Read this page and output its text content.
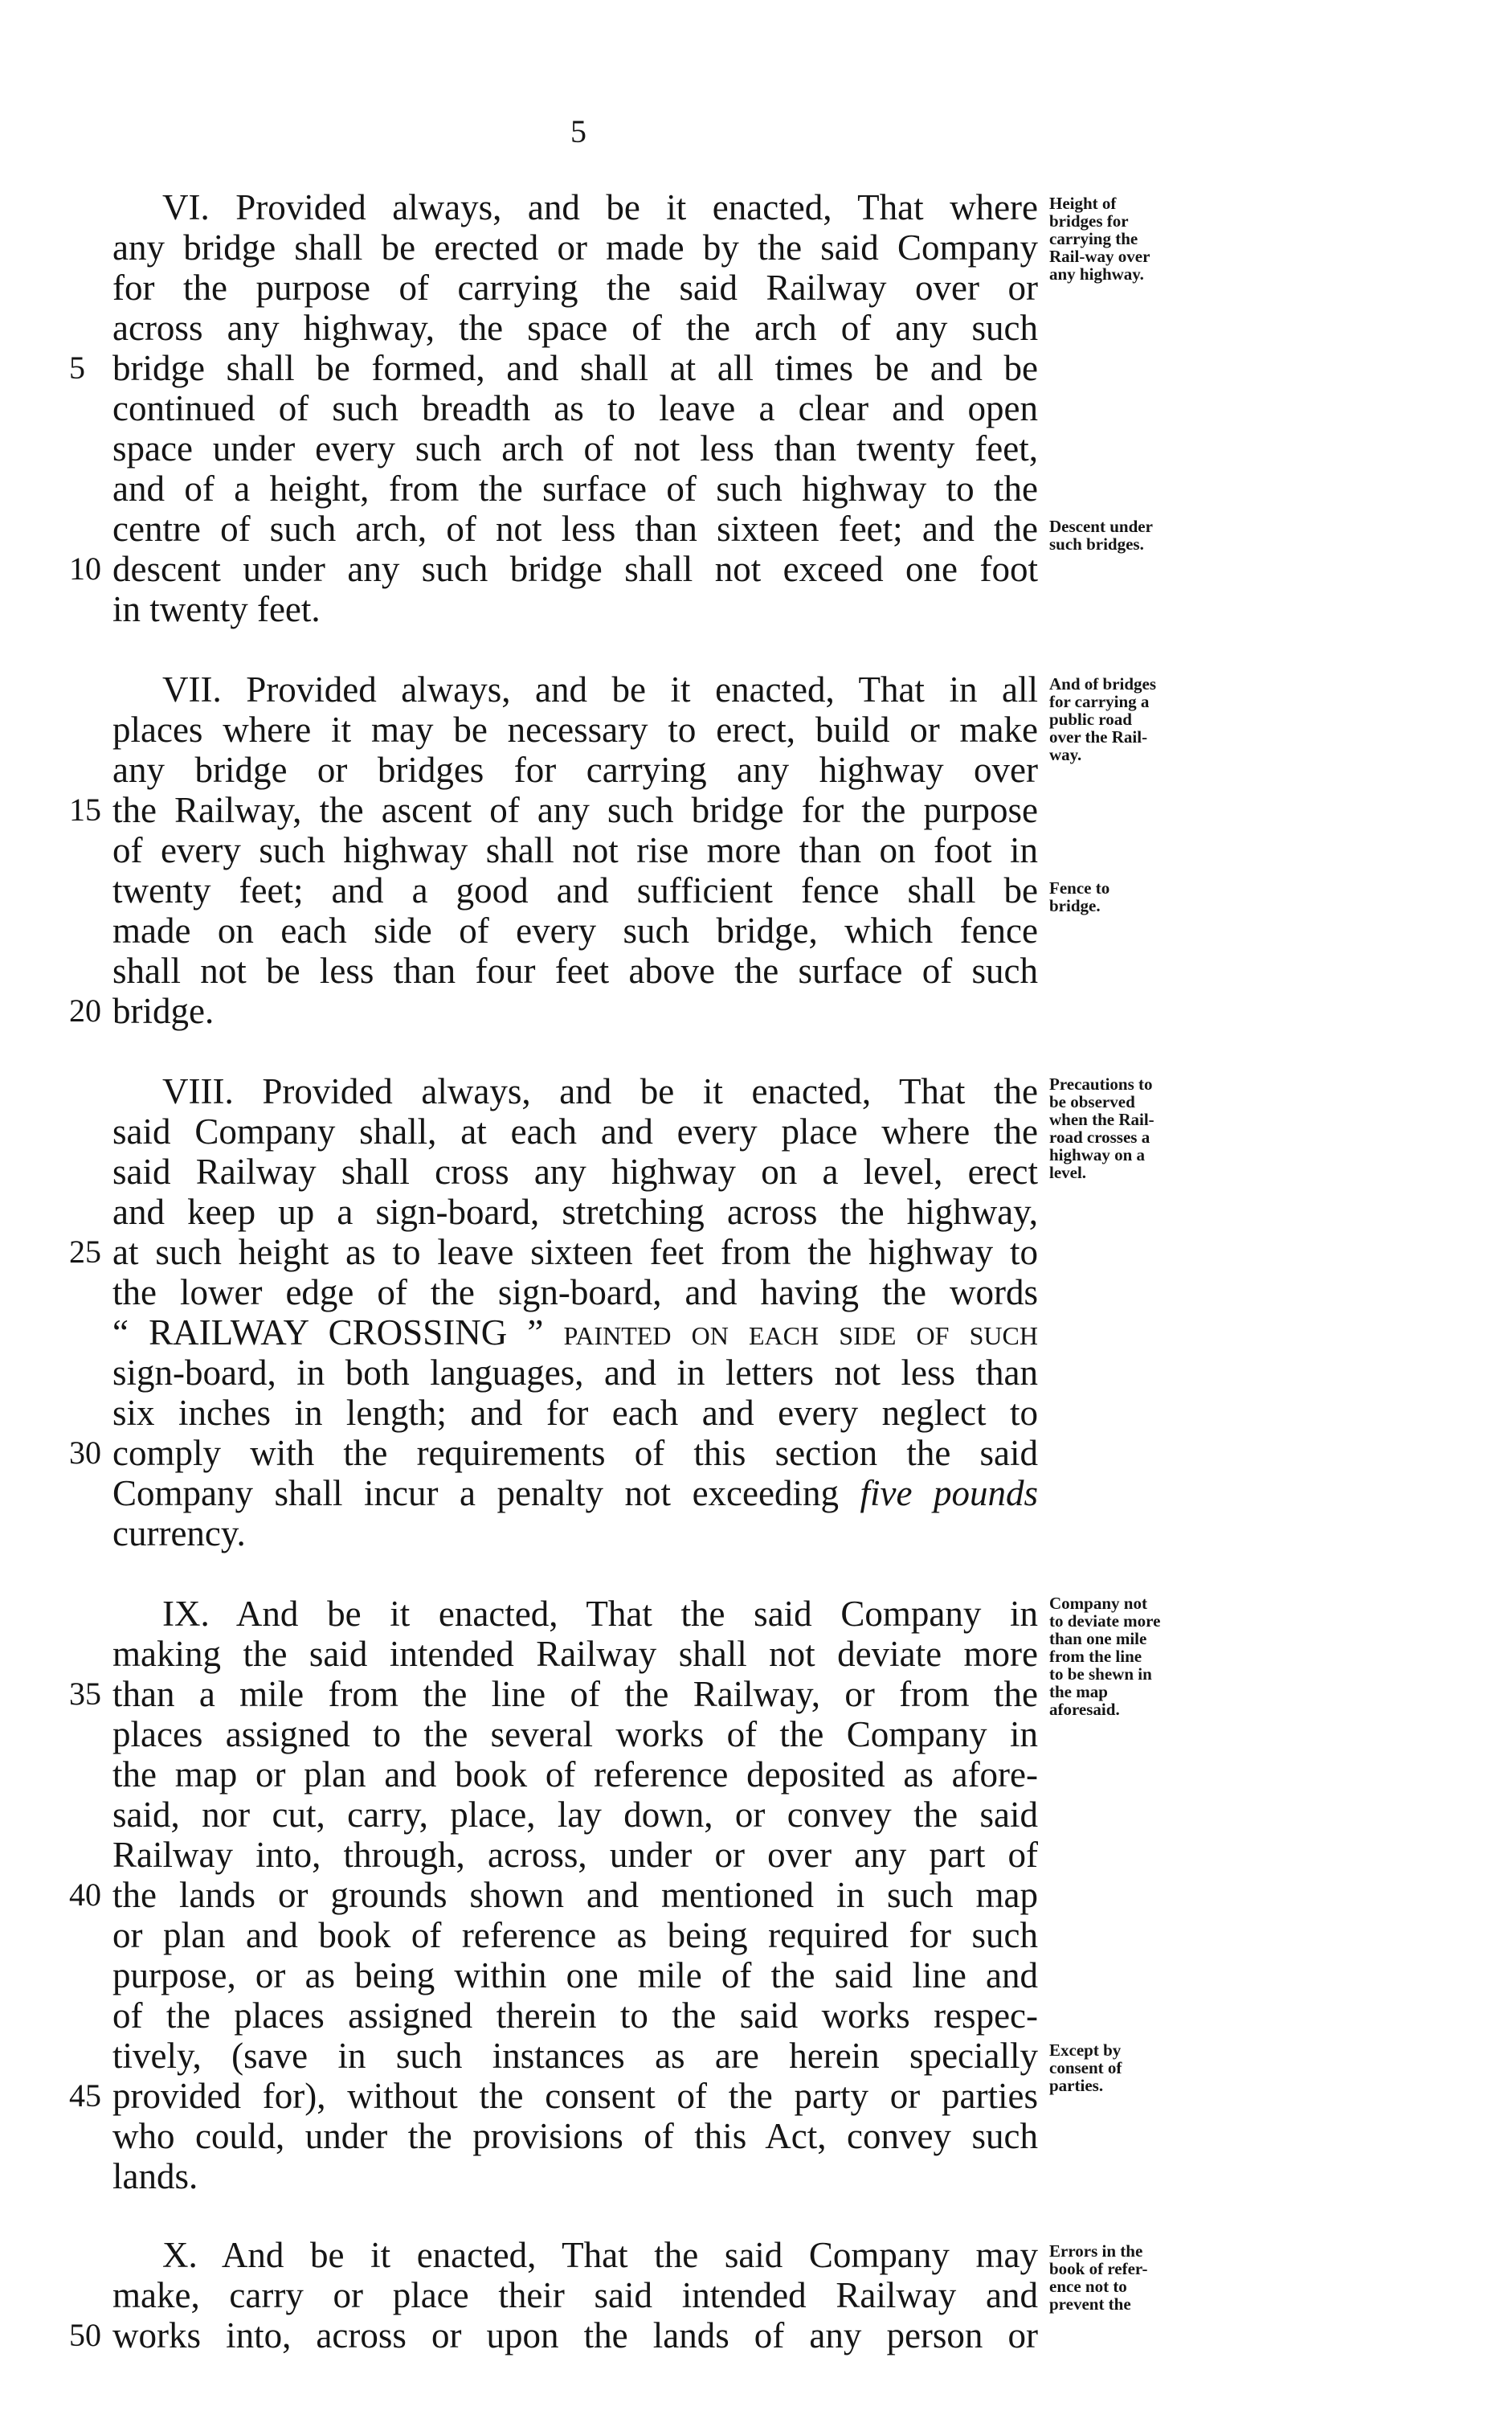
5
VI. Provided always, and be it enacted, That where
any bridge shall be erected or made by the said Company
for the purpose of carrying the said Railway over or
across any highway, the space of the arch of any such
bridge shall be formed, and shall at all times be and be
continued of such breadth as to leave a clear and open
space under every such arch of not less than twenty feet,
and of a height, from the surface of such highway to the
centre of such arch, of not less than sixteen feet; and the
descent under any such bridge shall not exceed one foot
in twenty feet.
Height of
bridges for
carrying the
Rail-way over
any highway.
Descent under
such bridges.
VII. Provided always, and be it enacted, That in all
places where it may be necessary to erect, build or make
any bridge or bridges for carrying any highway over
the Railway, the ascent of any such bridge for the purpose
of every such highway shall not rise more than on foot in
twenty feet; and a good and sufficient fence shall be
made on each side of every such bridge, which fence
shall not be less than four feet above the surface of such
bridge.
And of bridges
for carrying a
public road
over the Rail-
way.
Fence to
bridge.
VIII. Provided always, and be it enacted, That the
said Company shall, at each and every place where the
said Railway shall cross any highway on a level, erect
and keep up a sign-board, stretching across the highway,
at such height as to leave sixteen feet from the highway to
the lower edge of the sign-board, and having the words
“ RAILWAY CROSSING ” painted on each side of such
sign-board, in both languages, and in letters not less than
six inches in length; and for each and every neglect to
comply with the requirements of this section the said
Company shall incur a penalty not exceeding five pounds
currency.
Precautions to
be observed
when the Rail-
road crosses a
highway on a
level.
IX. And be it enacted, That the said Company in
making the said intended Railway shall not deviate more
than a mile from the line of the Railway, or from the
places assigned to the several works of the Company in
the map or plan and book of reference deposited as afore-
said, nor cut, carry, place, lay down, or convey the said
Railway into, through, across, under or over any part of
the lands or grounds shown and mentioned in such map
or plan and book of reference as being required for such
purpose, or as being within one mile of the said line and
of the places assigned therein to the said works respec-
tively, (save in such instances as are herein specially
provided for), without the consent of the party or parties
who could, under the provisions of this Act, convey such
lands.
Company not
to deviate more
than one mile
from the line
to be shewn in
the map
aforesaid.
Except by
consent of
parties.
X. And be it enacted, That the said Company may
make, carry or place their said intended Railway and
works into, across or upon the lands of any person or
Errors in the
book of refer-
ence not to
prevent the
5
10
15
20
25
30
35
40
45
50
